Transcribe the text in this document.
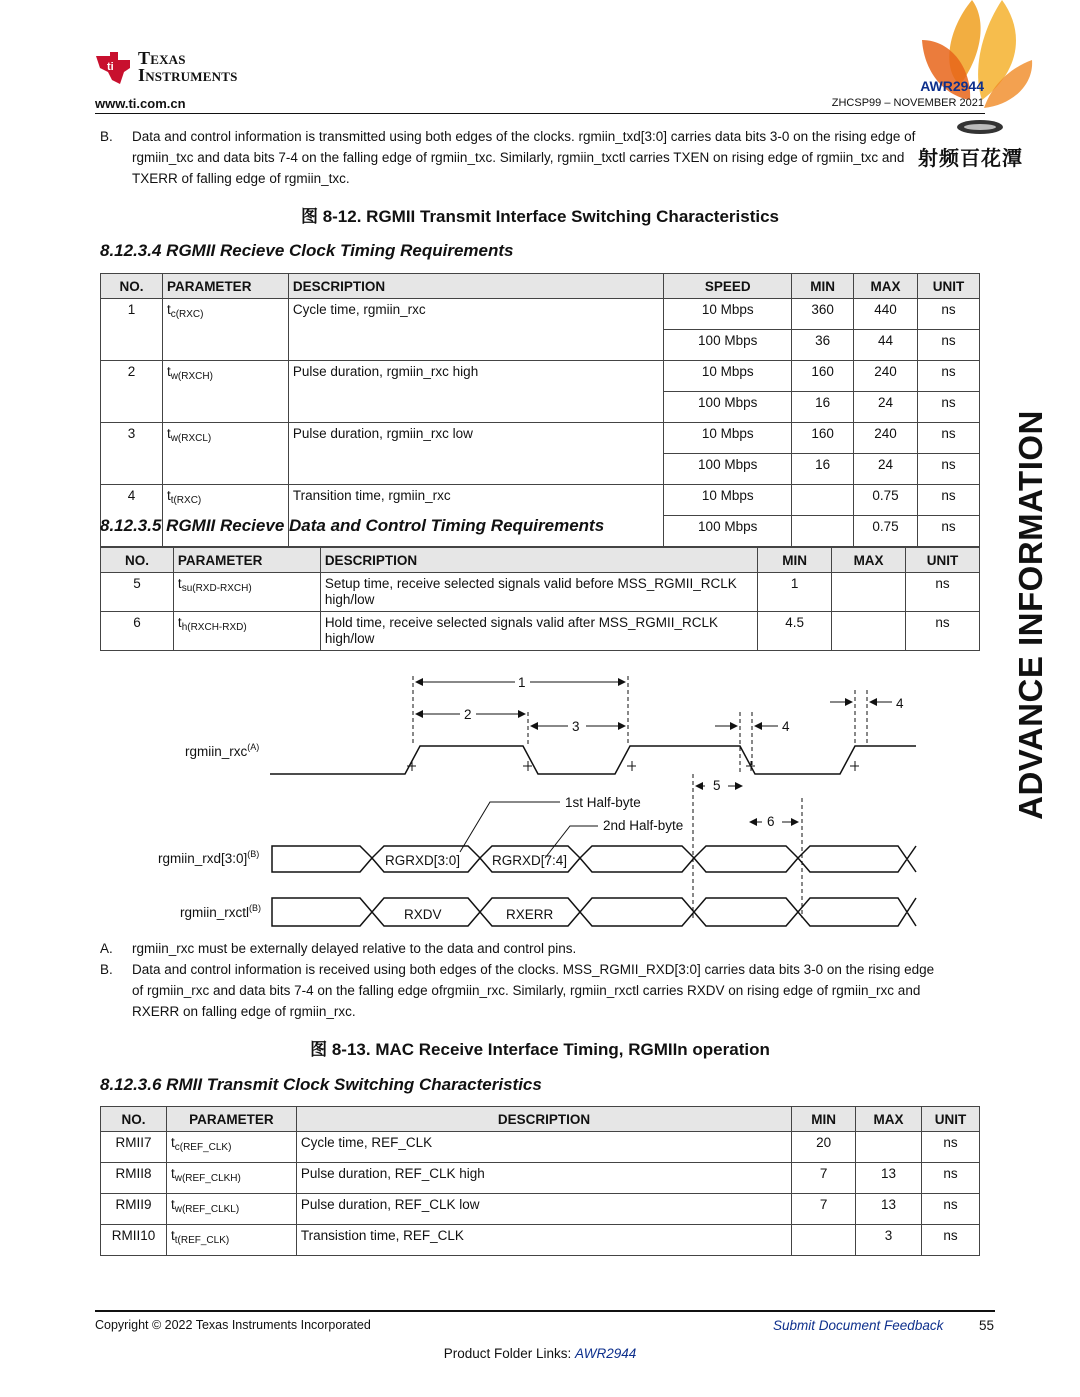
ti Texas
Instruments
www.ti.com.cn
AWR2944
ZHCSP99 – NOVEMBER 2021
射频百花潭
ADVANCE INFORMATION
B. Data and control information is transmitted using both edges of the clocks. rgmiin_txd[3:0] carries data bits 3-0 on the rising edge of
rgmiin_txc and data bits 7-4 on the falling edge of rgmiin_txc. Similarly, rgmiin_txctl carries TXEN on rising edge of rgmiin_txc and
TXERR of falling edge of rgmiin_txc.
图 8-12. RGMII Transmit Interface Switching Characteristics
8.12.3.4 RGMII Recieve Clock Timing Requirements
NO.	PARAMETER	DESCRIPTION	SPEED	MIN	MAX	UNIT
1	$t_{c(RXC)}$	Cycle time, rgmiin_rxc	10 Mbps	360	440	ns
			100 Mbps	36	44	ns
2	$t_{w(RXCH)}$	Pulse duration, rgmiin_rxc high	10 Mbps	160	240	ns
			100 Mbps	16	24	ns
3	$t_{w(RXCL)}$	Pulse duration, rgmiin_rxc low	10 Mbps	160	240	ns
			100 Mbps	16	24	ns
4	$t_{t(RXC)}$	Transition time, rgmiin_rxc	10 Mbps		0.75	ns
			100 Mbps		0.75	ns
8.12.3.5 RGMII Recieve Data and Control Timing Requirements
NO.	PARAMETER	DESCRIPTION	MIN	MAX	UNIT
5	$t_{su(RXD-RXCH)}$	Setup time, receive selected signals valid before MSS_RGMII_RCLK high/low	1		ns
6	$t_{h(RXCH-RXD)}$	Hold time, receive selected signals valid after MSS_RGMII_RCLK high/low	4.5		ns
1
2
3	4
4
5
6
1st Half-byte
2nd Half-byte
rgmiin_rxc$^{(A)}$
rgmiin_rxd[3:0]$^{(B)}$
rgmiin_rxctl$^{(B)}$
RGRXD[3:0] RGRXD[7:4]
RXDV	RXERR
A. rgmiin_rxc must be externally delayed relative to the data and control pins.
B. Data and control information is received using both edges of the clocks. MSS_RGMII_RXD[3:0] carries data bits 3-0 on the rising edge
of rgmiin_rxc and data bits 7-4 on the falling edge ofrgmiin_rxc. Similarly, rgmiin_rxctl carries RXDV on rising edge of rgmiin_rxc and
RXERR on falling edge of rgmiin_rxc.
图 8-13. MAC Receive Interface Timing, RGMIIn operation
8.12.3.6 RMII Transmit Clock Switching Characteristics
NO.	PARAMETER	DESCRIPTION	MIN	MAX	UNIT
RMII7	$t_{c(REF\_CLK)}$	Cycle time, REF_CLK	20		ns
RMII8	$t_{w(REF\_CLKH)}$	Pulse duration, REF_CLK high	7	13	ns
RMII9	$t_{w(REF\_CLKL)}$	Pulse duration, REF_CLK low	7	13	ns
RMII10	$t_{t(REF\_CLK)}$	Transistion time, REF_CLK		3	ns
Copyright © 2022 Texas Instruments Incorporated	Submit Document Feedback	55
Product Folder Links: AWR2944
